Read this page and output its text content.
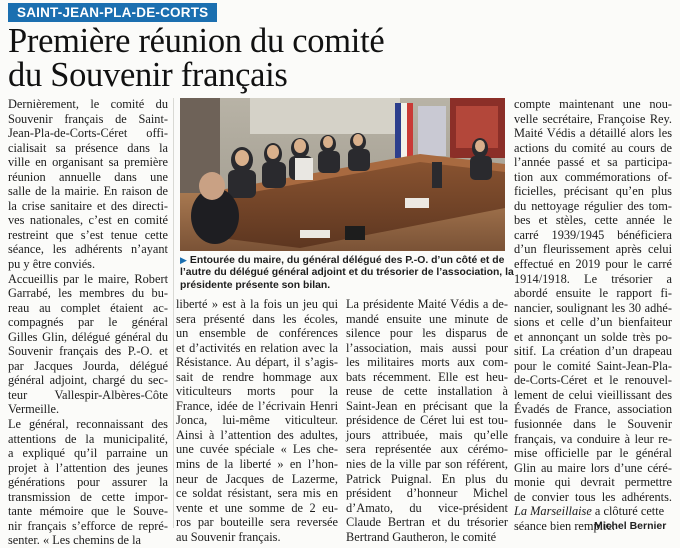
SAINT-JEAN-PLA-DE-CORTS
Première réunion du comité
du Souvenir français
Dernièrement, le comité du
Souvenir français de Saint-
Jean-Pla-de-Corts-Céret offi-
cialisait sa présence dans la
ville en organisant sa première
réunion annuelle dans une
salle de la mairie. En raison de
la crise sanitaire et des directi-
ves nationales, c’est en comité
restreint que s’est tenue cette
séance, les adhérents n’ayant
pu y être conviés.
Accueillis par le maire, Robert
Garrabé, les membres du bu-
reau au complet étaient ac-
compagnés par le général
Gilles Glin, délégué général du
Souvenir français des P.-O. et
par Jacques Jourda, délégué
général adjoint, chargé du sec-
teur Vallespir-Albères-Côte
Vermeille.
Le général, reconnaissant des
attentions de la municipalité,
a expliqué qu’il parraine un
projet à l’attention des jeunes
générations pour assurer la
transmission de cette impor-
tante mémoire que le Souve-
nir français s’efforce de repré-
senter. « Les chemins de la
▶ Entourée du maire, du général délégué des P.-O. d’un côté et de
l’autre du délégué général adjoint et du trésorier de l’association, la
présidente présente son bilan.
liberté » est à la fois un jeu qui
sera présenté dans les écoles,
un ensemble de conférences
et d’activités en relation avec la
Résistance. Au départ, il s’agis-
sait de rendre hommage aux
viticulteurs morts pour la
France, idée de l’écrivain Henri
Jonca, lui-même viticulteur.
Ainsi à l’attention des adultes,
une cuvée spéciale « Les che-
mins de la liberté » en l’hon-
neur de Jacques de Lazerme,
ce soldat résistant, sera mis en
vente et une somme de 2 eu-
ros par bouteille sera reversée
au Souvenir français.
La présidente Maité Védis a de-
mandé ensuite une minute de
silence pour les disparus de
l’association, mais aussi pour
les militaires morts aux com-
bats récemment. Elle est heu-
reuse de cette installation à
Saint-Jean en précisant que la
présidence de Céret lui est tou-
jours attribuée, mais qu’elle
sera représentée aux cérémo-
nies de la ville par son référent,
Patrick Puignal. En plus du
président d’honneur Michel
d’Amato, du vice-président
Claude Bertran et du trésorier
Bertrand Gautheron, le comité
compte maintenant une nou-
velle secrétaire, Françoise Rey.
Maité Védis a détaillé alors les
actions du comité au cours de
l’année passé et sa participa-
tion aux commémorations of-
ficielles, précisant qu’en plus
du nettoyage régulier des tom-
bes et stèles, cette année le
carré 1939/1945 bénéficiera
d’un fleurissement après celui
effectué en 2019 pour le carré
1914/1918. Le trésorier a
abordé ensuite le rapport fi-
nancier, soulignant les 30 adhé-
sions et celle d’un bienfaiteur
et annonçant un solde très po-
sitif. La création d’un drapeau
pour le comité Saint-Jean-Pla-
de-Corts-Céret et le renouvel-
lement de celui vieillissant des
Évadés de France, association
fusionnée dans le Souvenir
français, va conduire à leur re-
mise officielle par le général
Glin au maire lors d’une céré-
monie qui devrait permettre
de convier tous les adhérents.
La Marseillaise a clôturé cette
séance bien remplie.
Michel Bernier
